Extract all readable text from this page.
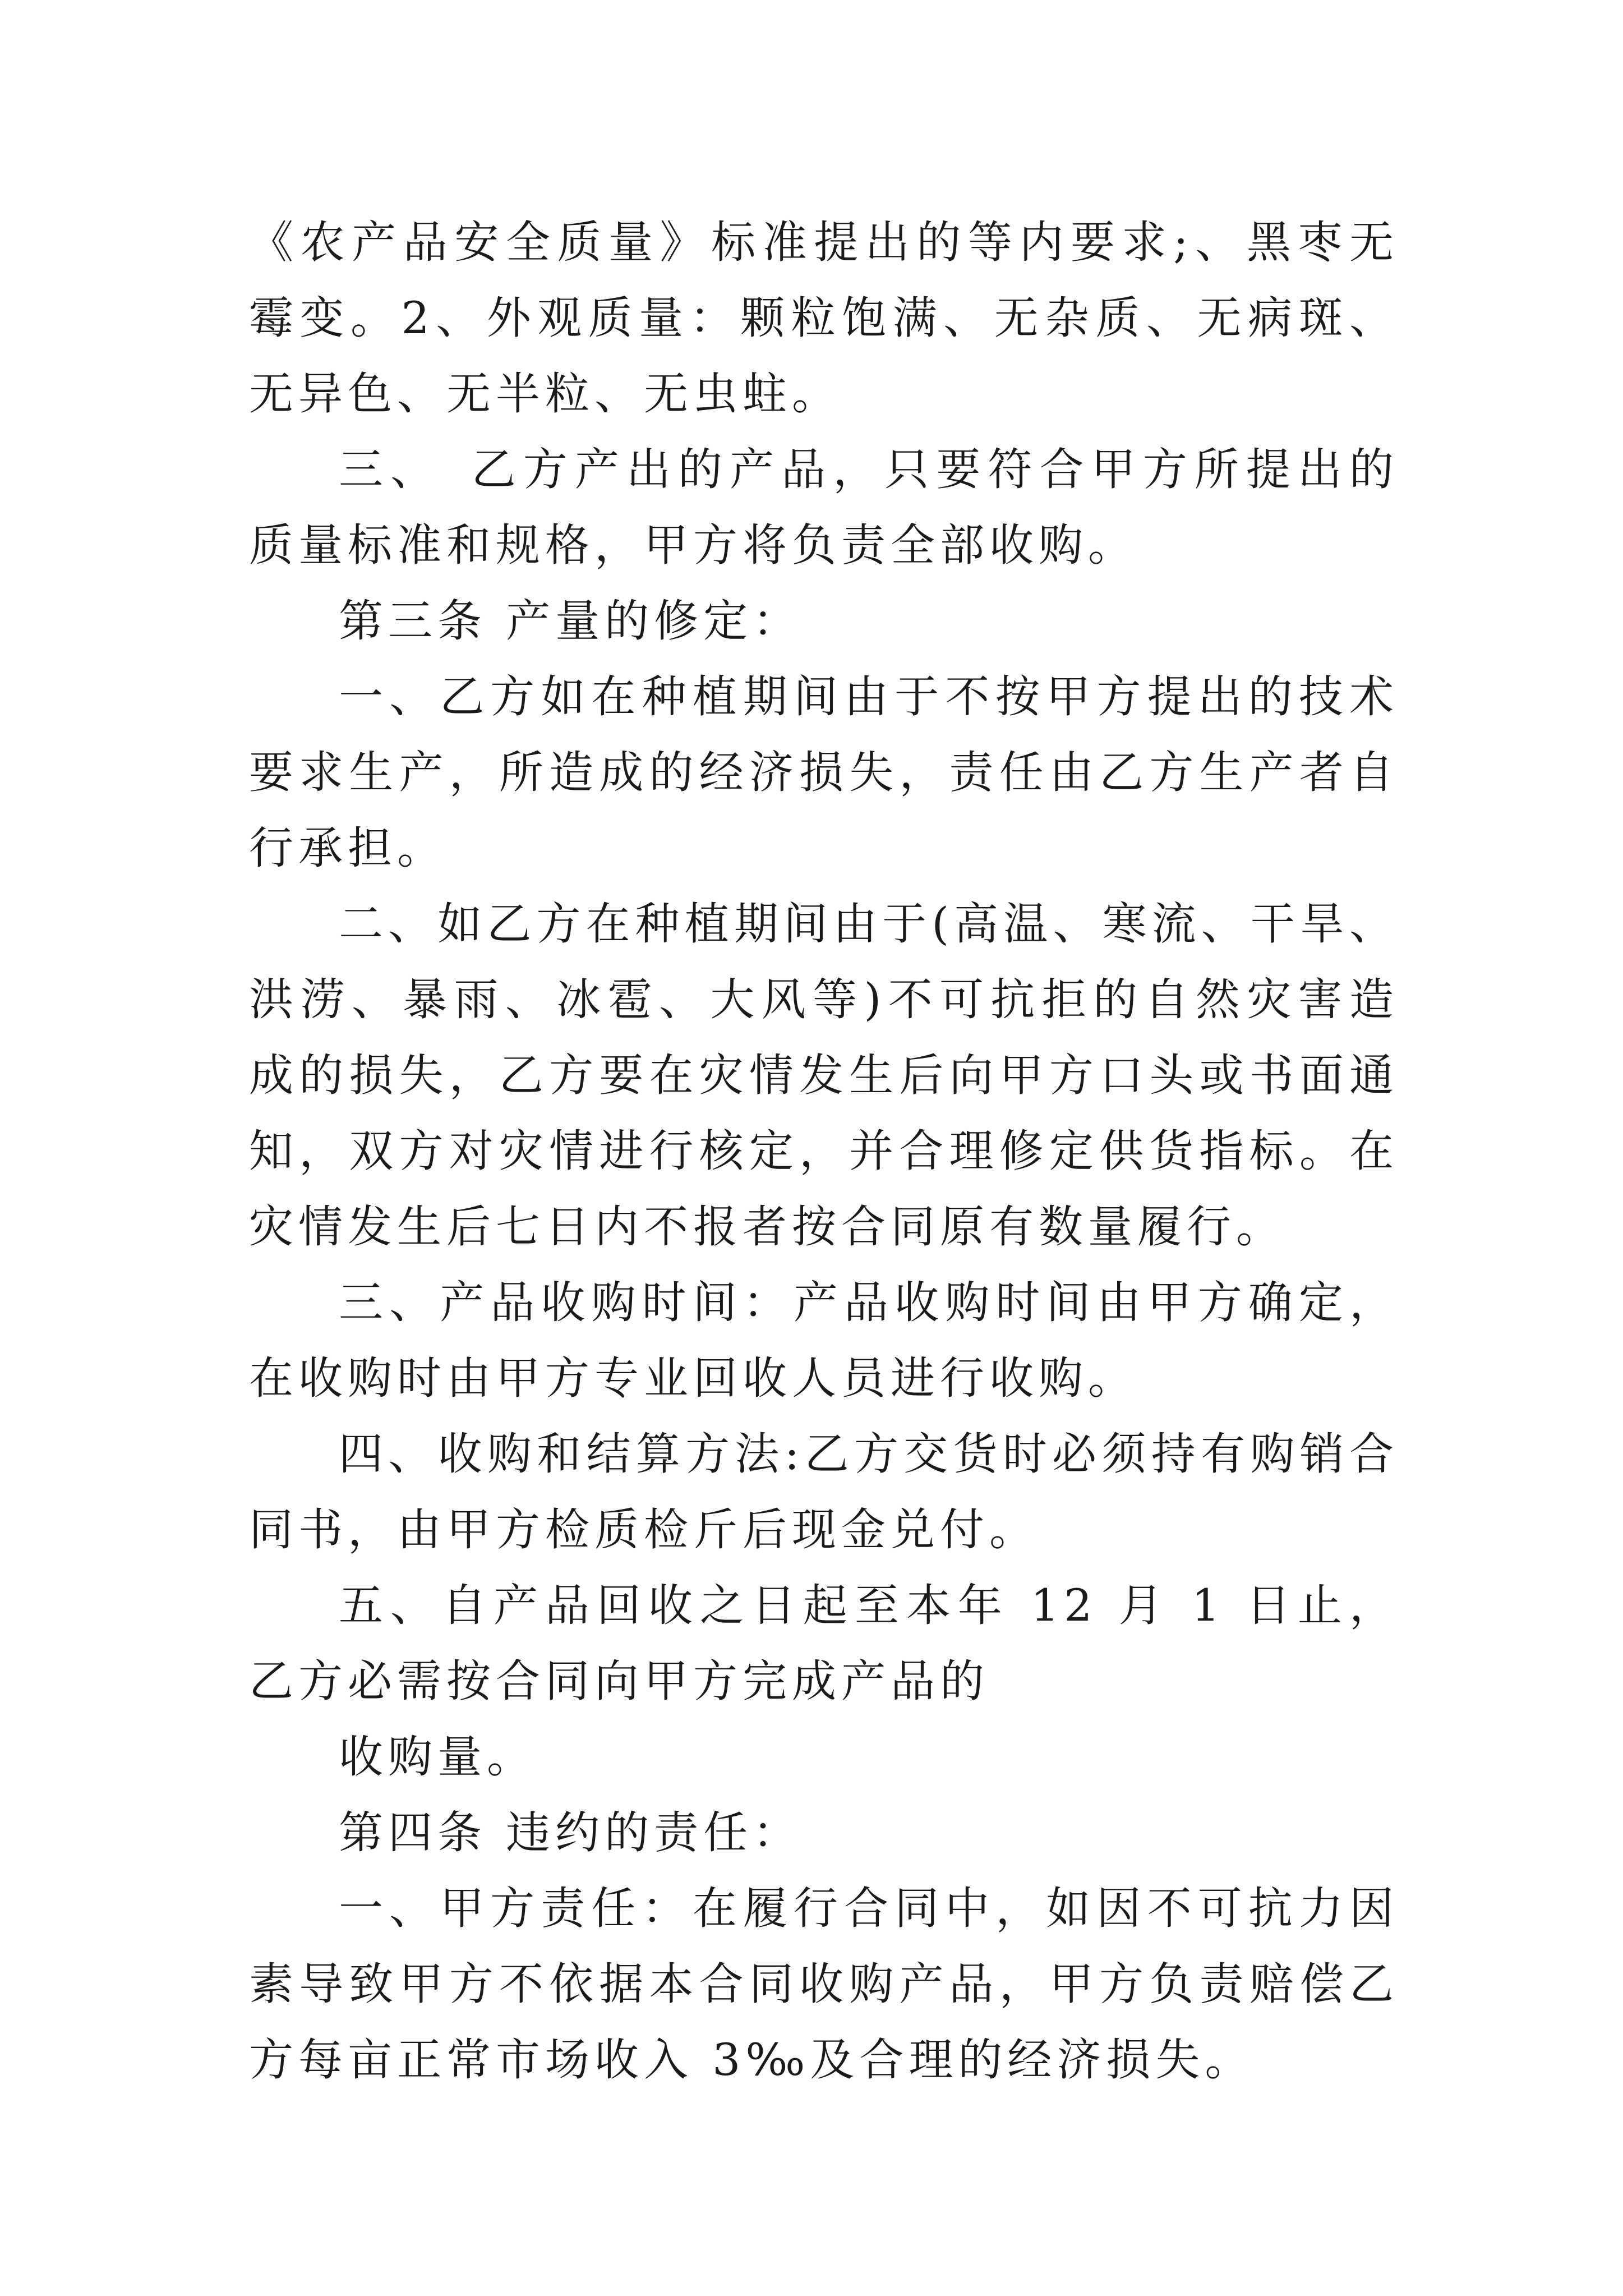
《农产品安全质量》标准提出的等内要求;、黑枣无霉变。2、外观质量：颗粒饱满、无杂质、无病斑、无异色、无半粒、无虫蛀。

三、　乙方产出的产品，只要符合甲方所提出的质量标准和规格，甲方将负责全部收购。

第三条 产量的修定：

一、乙方如在种植期间由于不按甲方提出的技术要求生产，所造成的经济损失，责任由乙方生产者自行承担。

二、如乙方在种植期间由于(高温、寒流、干旱、洪涝、暴雨、冰雹、大风等)不可抗拒的自然灾害造成的损失，乙方要在灾情发生后向甲方口头或书面通知，双方对灾情进行核定，并合理修定供货指标。在灾情发生后七日内不报者按合同原有数量履行。

三、产品收购时间：产品收购时间由甲方确定，在收购时由甲方专业回收人员进行收购。

四、收购和结算方法:乙方交货时必须持有购销合同书，由甲方检质检斤后现金兑付。

五、自产品回收之日起至本年 12 月 1 日止，乙方必需按合同向甲方完成产品的

收购量。

第四条 违约的责任：

一、甲方责任：在履行合同中，如因不可抗力因素导致甲方不依据本合同收购产品，甲方负责赔偿乙方每亩正常市场收入 3‰及合理的经济损失。
